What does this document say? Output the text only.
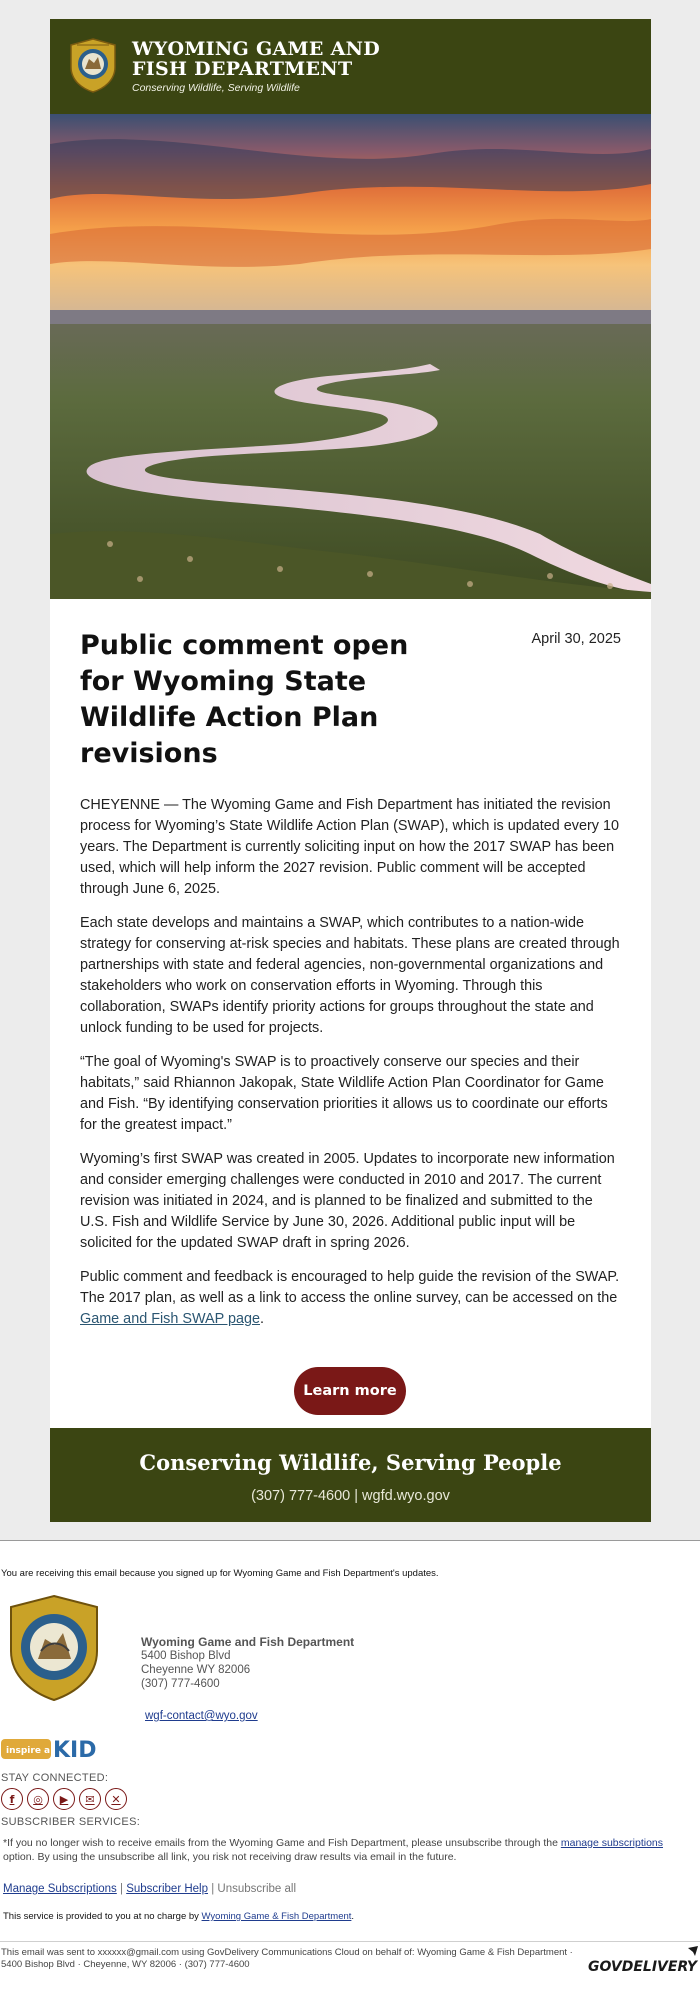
WYOMING GAME AND FISH DEPARTMENT
Conserving Wildlife, Serving Wildlife
Public comment open for Wyoming State Wildlife Action Plan revisions
April 30, 2025

CHEYENNE — The Wyoming Game and Fish Department has initiated the revision process for Wyoming’s State Wildlife Action Plan (SWAP), which is updated every 10 years. The Department is currently soliciting input on how the 2017 SWAP has been used, which will help inform the 2027 revision. Public comment will be accepted through June 6, 2025.

Each state develops and maintains a SWAP, which contributes to a nation-wide strategy for conserving at-risk species and habitats. These plans are created through partnerships with state and federal agencies, non-governmental organizations and stakeholders who work on conservation efforts in Wyoming. Through this collaboration, SWAPs identify priority actions for groups throughout the state and unlock funding to be used for projects.

“The goal of Wyoming's SWAP is to proactively conserve our species and their habitats,” said Rhiannon Jakopak, State Wildlife Action Plan Coordinator for Game and Fish. “By identifying conservation priorities it allows us to coordinate our efforts for the greatest impact.”

Wyoming’s first SWAP was created in 2005. Updates to incorporate new information and consider emerging challenges were conducted in 2010 and 2017. The current revision was initiated in 2024, and is planned to be finalized and submitted to the U.S. Fish and Wildlife Service by June 30, 2026. Additional public input will be solicited for the updated SWAP draft in spring 2026.

Public comment and feedback is encouraged to help guide the revision of the SWAP. The 2017 plan, as well as a link to access the online survey, can be accessed on the Game and Fish SWAP page.

Learn more
Conserving Wildlife, Serving People
(307) 777-4600 | wgfd.wyo.gov
You are receiving this email because you signed up for Wyoming Game and Fish Department's updates.
Wyoming Game and Fish Department
5400 Bishop Blvd
Cheyenne WY 82006
(307) 777-4600
wgf-contact@wyo.gov
inspire a KID
STAY CONNECTED:
f	◎	▶	✉	✕
SUBSCRIBER SERVICES:
*If you no longer wish to receive emails from the Wyoming Game and Fish Department, please unsubscribe through the manage subscriptions option. By using the unsubscribe all link, you risk not receiving draw results via email in the future.
Manage Subscriptions | Subscriber Help | Unsubscribe all
This service is provided to you at no charge by Wyoming Game & Fish Department.
This email was sent to xxxxxx@gmail.com using GovDelivery Communications Cloud on behalf of: Wyoming Game & Fish Department · 5400 Bishop Blvd · Cheyenne, WY 82006 · (307) 777-4600	GOVDELIVERY
